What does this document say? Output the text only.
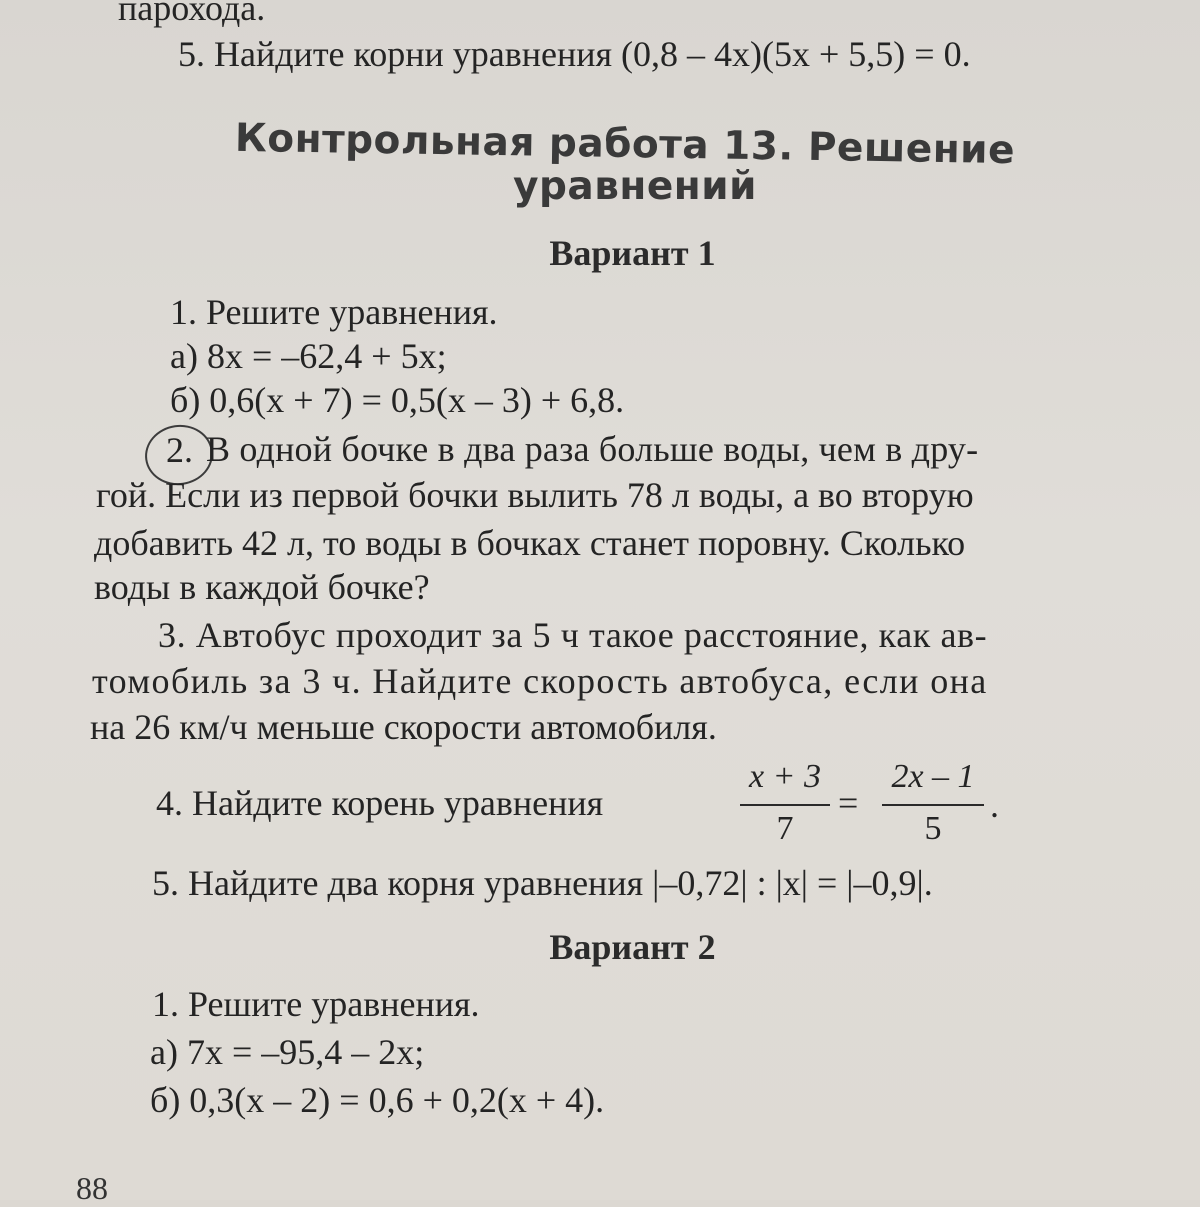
парохода.
5. Найдите корни уравнения (0,8 – 4x)(5x + 5,5) = 0.
Контрольная работа 13. Решение
уравнений
Вариант 1
1. Решите уравнения.
а) 8x = –62,4 + 5x;
б) 0,6(x + 7) = 0,5(x – 3) + 6,8.
2. В одной бочке в два раза больше воды, чем в дру-
гой. Если из первой бочки вылить 78 л воды, а во вторую
добавить 42 л, то воды в бочках станет поровну. Сколько
воды в каждой бочке?
3. Автобус проходит за 5 ч такое расстояние, как ав-
томобиль за 3 ч. Найдите скорость автобуса, если она
на 26 км/ч меньше скорости автомобиля.
4. Найдите корень уравнения
x + 3
7
=
2x – 1
5
.
5. Найдите два корня уравнения |–0,72| : |x| = |–0,9|.
Вариант 2
1. Решите уравнения.
а) 7x = –95,4 – 2x;
б) 0,3(x – 2) = 0,6 + 0,2(x + 4).
88
